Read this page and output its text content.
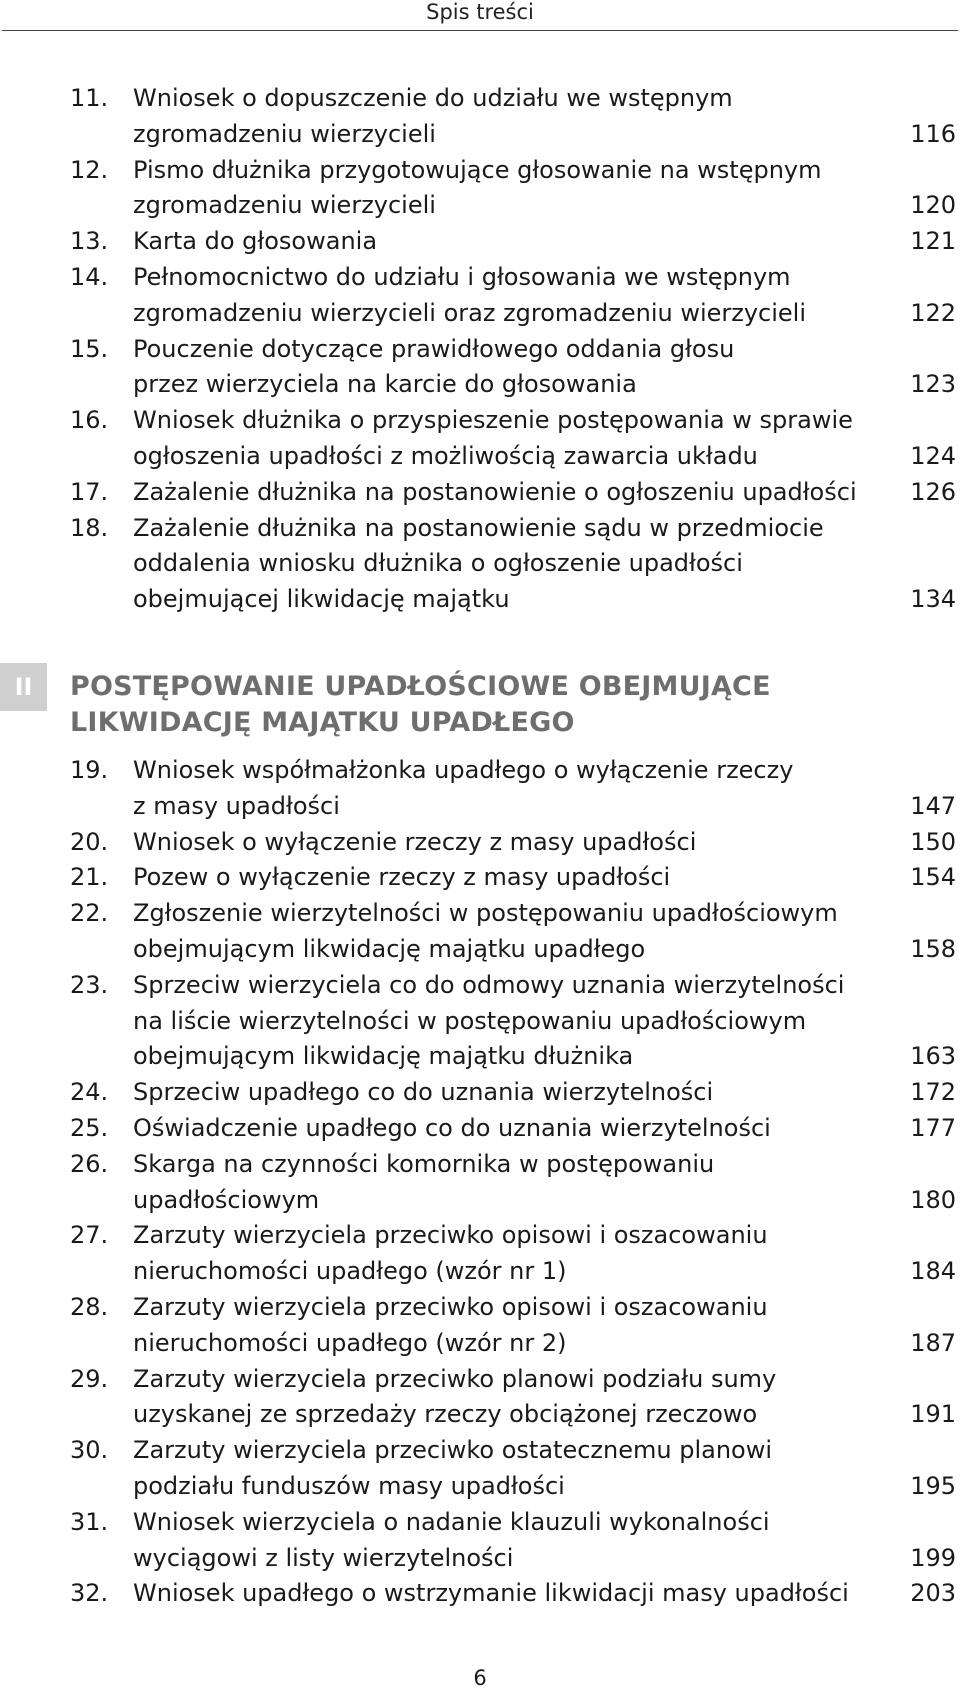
Spis treści
11. Wniosek o dopuszczenie do udziału we wstępnym
zgromadzeniu wierzycieli	116
12. Pismo dłużnika przygotowujące głosowanie na wstępnym
zgromadzeniu wierzycieli	120
13. Karta do głosowania	121
14. Pełnomocnictwo do udziału i głosowania we wstępnym
zgromadzeniu wierzycieli oraz zgromadzeniu wierzycieli	122
15. Pouczenie dotyczące prawidłowego oddania głosu
przez wierzyciela na karcie do głosowania	123
16. Wniosek dłużnika o przyspieszenie postępowania w sprawie
ogłoszenia upadłości z możliwością zawarcia układu	124
17. Zażalenie dłużnika na postanowienie o ogłoszeniu upadłości	126
18. Zażalenie dłużnika na postanowienie sądu w przedmiocie
oddalenia wniosku dłużnika o ogłoszenie upadłości
obejmującej likwidację majątku	134
II	POSTĘPOWANIE UPADŁOŚCIOWE OBEJMUJĄCE
LIKWIDACJĘ MAJĄTKU UPADŁEGO
19. Wniosek współmałżonka upadłego o wyłączenie rzeczy
z masy upadłości	147
20. Wniosek o wyłączenie rzeczy z masy upadłości	150
21. Pozew o wyłączenie rzeczy z masy upadłości	154
22. Zgłoszenie wierzytelności w postępowaniu upadłościowym
obejmującym likwidację majątku upadłego	158
23. Sprzeciw wierzyciela co do odmowy uznania wierzytelności
na liście wierzytelności w postępowaniu upadłościowym
obejmującym likwidację majątku dłużnika	163
24. Sprzeciw upadłego co do uznania wierzytelności	172
25. Oświadczenie upadłego co do uznania wierzytelności	177
26. Skarga na czynności komornika w postępowaniu
upadłościowym	180
27. Zarzuty wierzyciela przeciwko opisowi i oszacowaniu
nieruchomości upadłego (wzór nr 1)	184
28. Zarzuty wierzyciela przeciwko opisowi i oszacowaniu
nieruchomości upadłego (wzór nr 2)	187
29. Zarzuty wierzyciela przeciwko planowi podziału sumy
uzyskanej ze sprzedaży rzeczy obciążonej rzeczowo	191
30. Zarzuty wierzyciela przeciwko ostatecznemu planowi
podziału funduszów masy upadłości	195
31. Wniosek wierzyciela o nadanie klauzuli wykonalności
wyciągowi z listy wierzytelności	199
32. Wniosek upadłego o wstrzymanie likwidacji masy upadłości	203
6
